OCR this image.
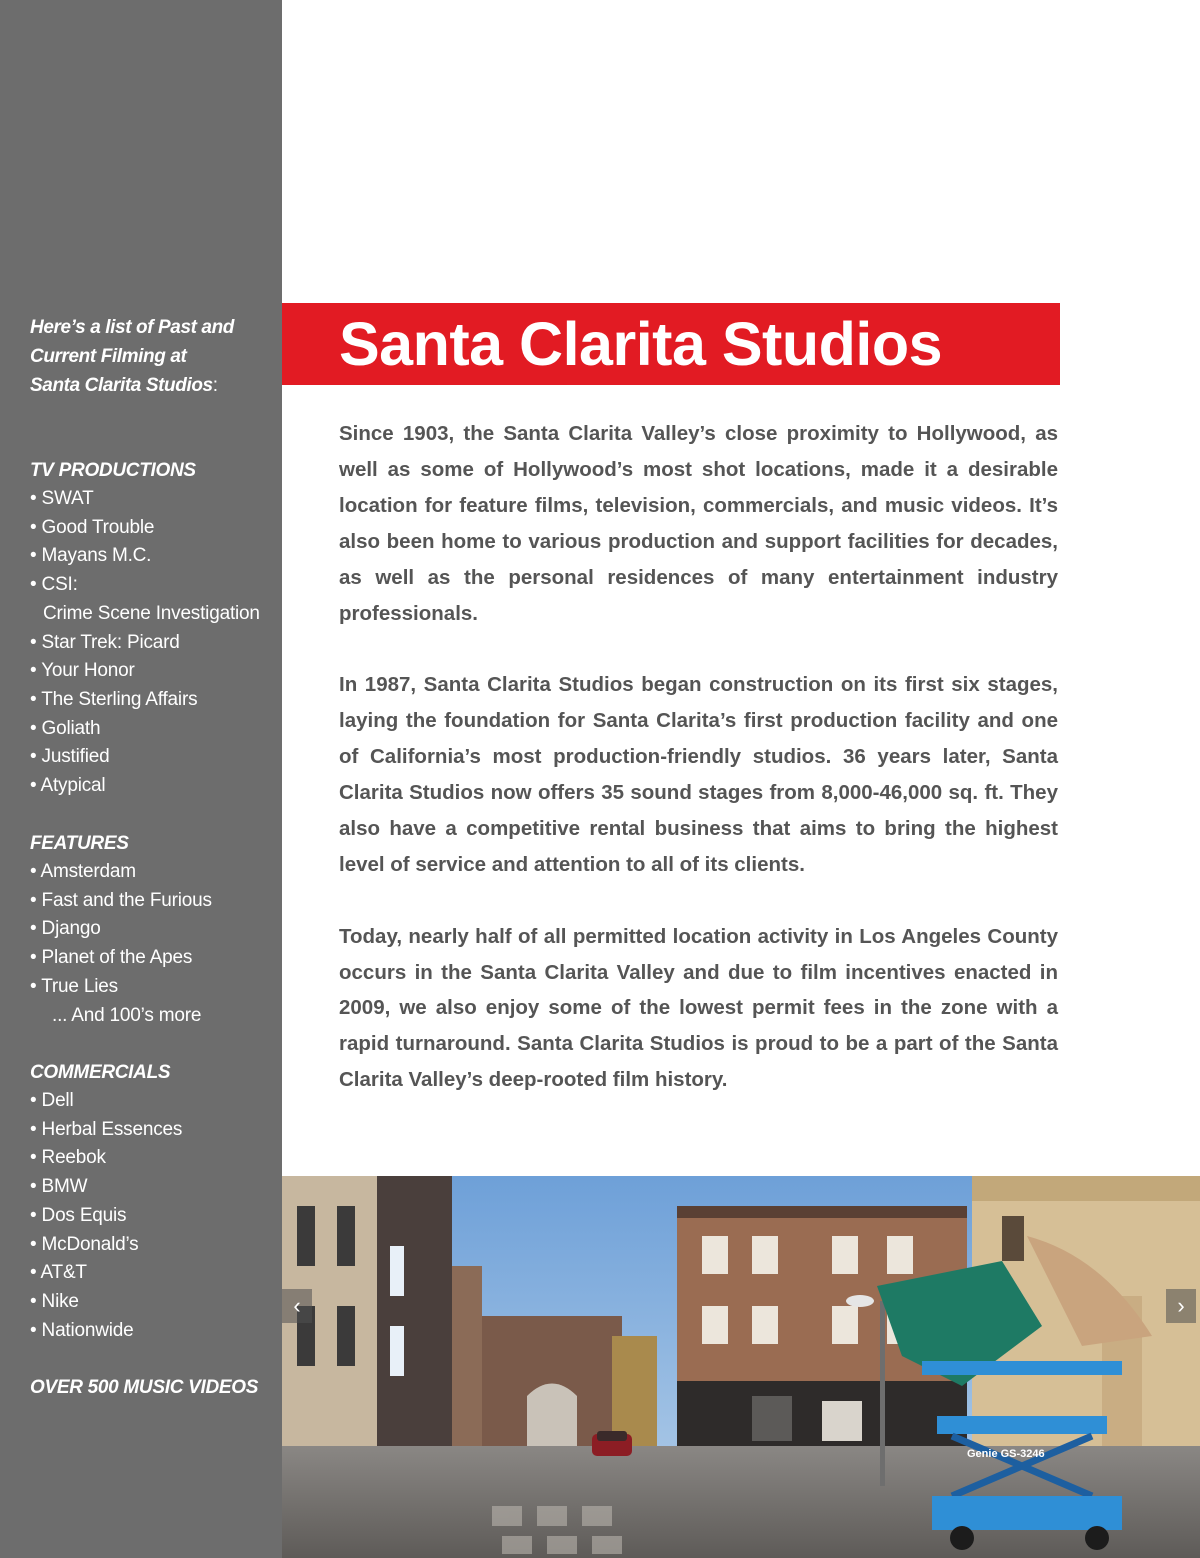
Here’s a list of Past and
Current Filming at
Santa Clarita Studios:
TV PRODUCTIONS
• SWAT
• Good Trouble
• Mayans M.C.
• CSI:
Crime Scene Investigation
• Star Trek: Picard
• Your Honor
• The Sterling Affairs
• Goliath
• Justified
• Atypical
FEATURES
• Amsterdam
• Fast and the Furious
• Django
• Planet of the Apes
• True Lies
... And 100’s more
COMMERCIALS
• Dell
• Herbal Essences
• Reebok
• BMW
• Dos Equis
• McDonald’s
• AT&T
• Nike
• Nationwide
OVER 500 MUSIC VIDEOS
Santa Clarita Studios

Since 1903, the Santa Clarita Valley’s close proximity to Hollywood, as well as some of Hollywood’s most shot locations, made it a desirable location for feature films, television, commercials, and music videos. It’s also been home to various production and support facilities for decades, as well as the personal residences of many entertainment industry professionals.

In 1987, Santa Clarita Studios began construction on its first six stages, laying the foundation for Santa Clarita’s first production facility and one of California’s most production-friendly studios. 36 years later, Santa Clarita Studios now offers 35 sound stages from 8,000-46,000 sq. ft. They also have a competitive rental business that aims to bring the highest level of service and attention to all of its clients.

Today, nearly half of all permitted location activity in Los Angeles County occurs in the Santa Clarita Valley and due to film incentives enacted in 2009, we also enjoy some of the lowest permit fees in the zone with a rapid turnaround. Santa Clarita Studios is proud to be a part of the Santa Clarita Valley’s deep-rooted film history.

Genie GS-3246
‹	›
